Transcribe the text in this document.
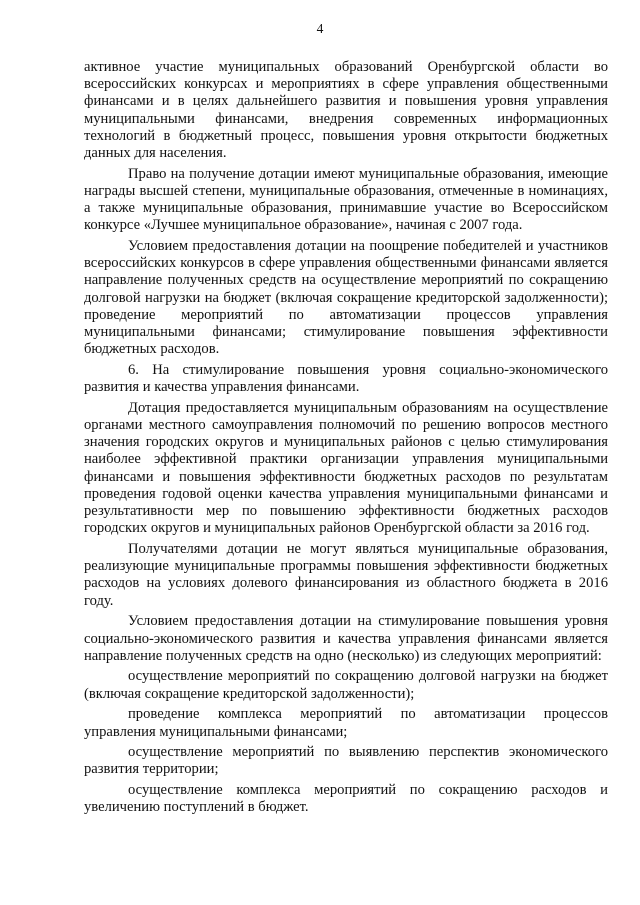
4

активное участие муниципальных образований Оренбургской области во всероссийских конкурсах и мероприятиях в сфере управления общественными финансами и в целях дальнейшего развития и повышения уровня управления муниципальными финансами, внедрения современных информационных технологий в бюджетный процесс, повышения уровня открытости бюджетных данных для населения.

Право на получение дотации имеют муниципальные образования, имеющие награды высшей степени, муниципальные образования, отмеченные в номинациях, а также муниципальные образования, принимавшие участие во Всероссийском конкурсе «Лучшее муниципальное образование», начиная с 2007 года.

Условием предоставления дотации на поощрение победителей и участников всероссийских конкурсов в сфере управления общественными финансами является направление полученных средств на осуществление мероприятий по сокращению долговой нагрузки на бюджет (включая сокращение кредиторской задолженности); проведение мероприятий по автоматизации процессов управления муниципальными финансами; стимулирование повышения эффективности бюджетных расходов.

6. На стимулирование повышения уровня социально-экономического развития и качества управления финансами.

Дотация предоставляется муниципальным образованиям на осуществление органами местного самоуправления полномочий по решению вопросов местного значения городских округов и муниципальных районов с целью стимулирования наиболее эффективной практики организации управления муниципальными финансами и повышения эффективности бюджетных расходов по результатам проведения годовой оценки качества управления муниципальными финансами и результативности мер по повышению эффективности бюджетных расходов городских округов и муниципальных районов Оренбургской области за 2016 год.

Получателями дотации не могут являться муниципальные образования, реализующие муниципальные программы повышения эффективности бюджетных расходов на условиях долевого финансирования из областного бюджета в 2016 году.

Условием предоставления дотации на стимулирование повышения уровня социально-экономического развития и качества управления финансами является направление полученных средств на одно (несколько) из следующих мероприятий:

осуществление мероприятий по сокращению долговой нагрузки на бюджет (включая сокращение кредиторской задолженности);

проведение комплекса мероприятий по автоматизации процессов управления муниципальными финансами;

осуществление мероприятий по выявлению перспектив экономического развития территории;

осуществление комплекса мероприятий по сокращению расходов и увеличению поступлений в бюджет.
